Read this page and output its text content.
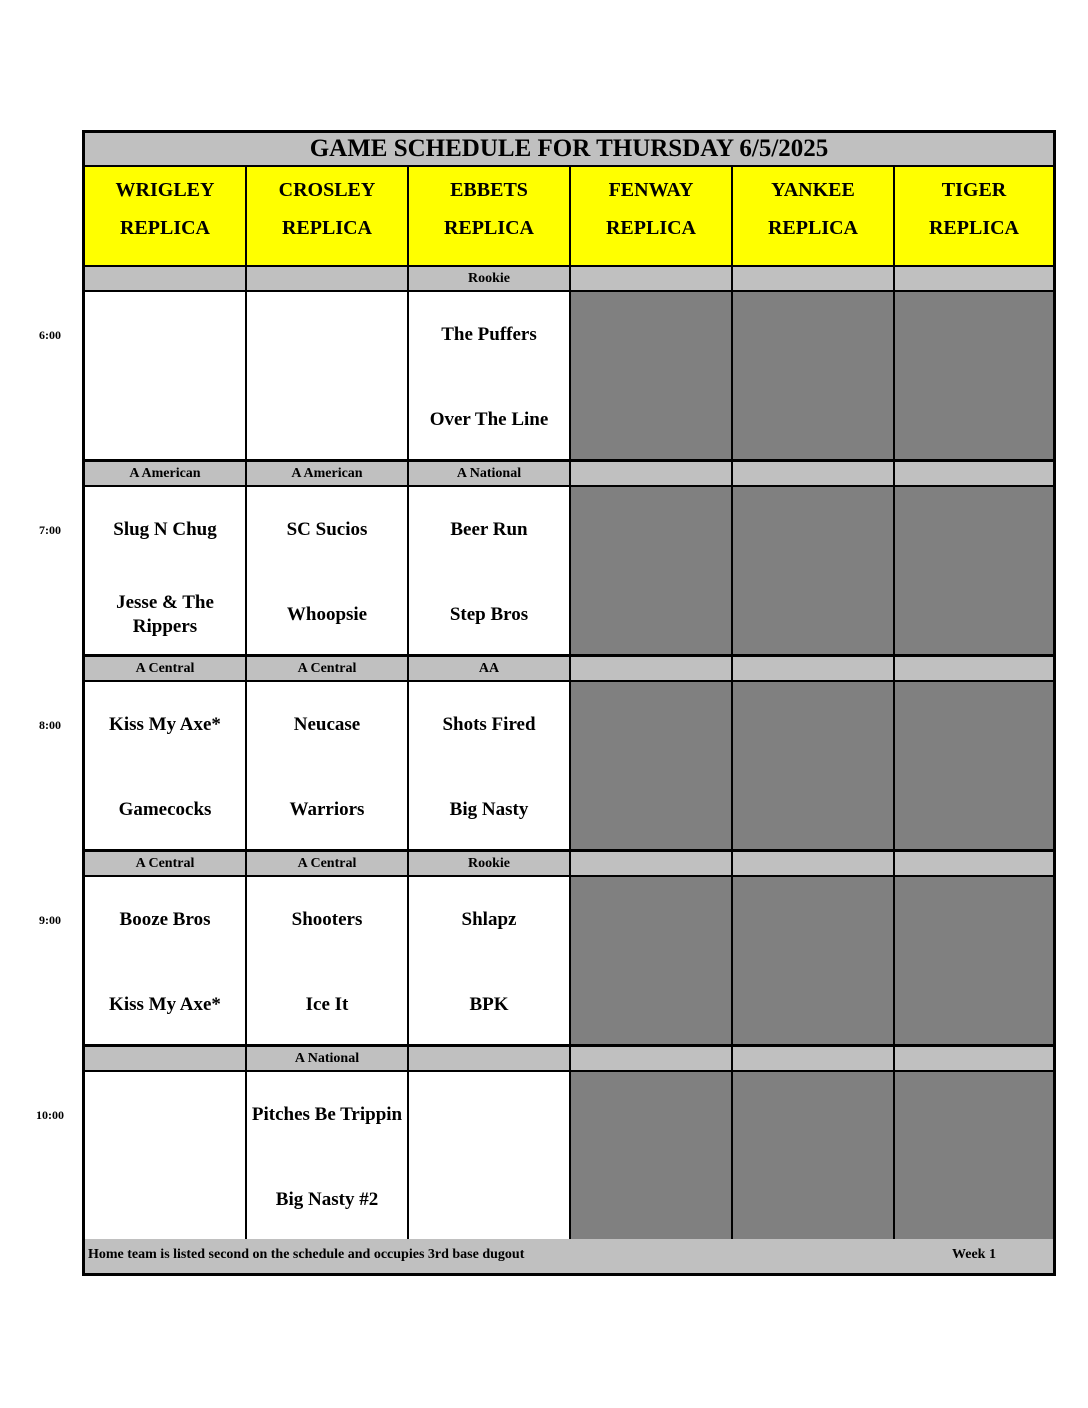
6:00
7:00
8:00
9:00
10:00
GAME SCHEDULE FOR THURSDAY 6/5/2025
WRIGLEY
REPLICA
CROSLEY
REPLICA
EBBETS
REPLICA
FENWAY
REPLICA
YANKEE
REPLICA
TIGER
REPLICA
Rookie
The Puffers
Over The Line
A American
Slug N Chug
Jesse & The Rippers
A American
SC Sucios
Whoopsie
A National
Beer Run
Step Bros
A Central
Kiss My Axe*
Gamecocks
A Central
Neucase
Warriors
AA
Shots Fired
Big Nasty
A Central
Booze Bros
Kiss My Axe*
A Central
Shooters
Ice It
Rookie
Shlapz
BPK
A National
Pitches Be Trippin
Big Nasty #2
Home team is listed second on the schedule and occupies 3rd base dugout	Week 1
